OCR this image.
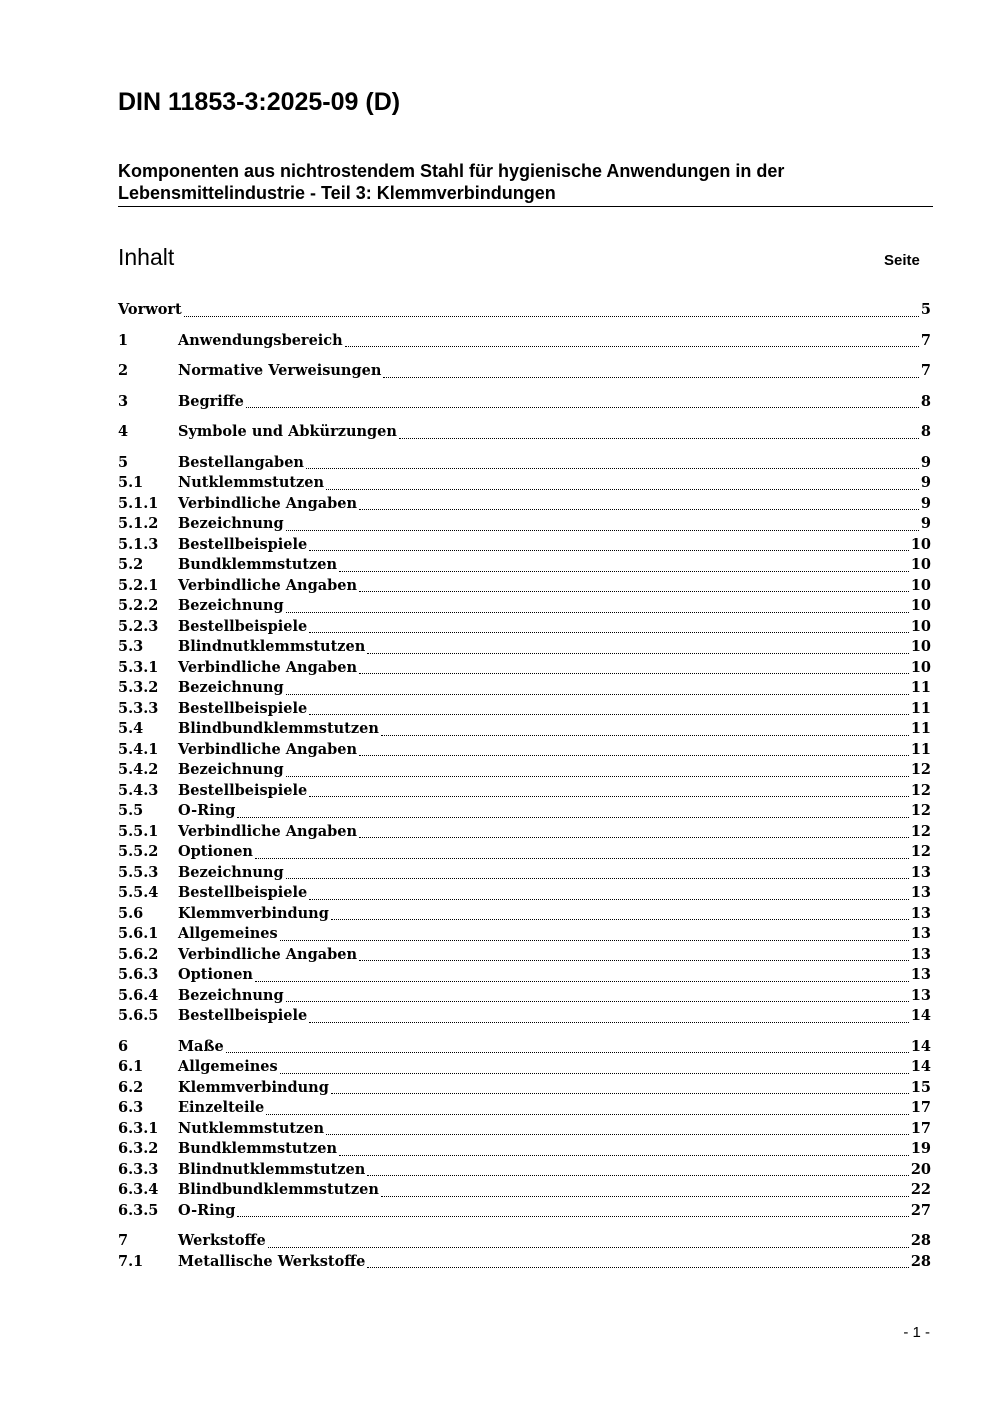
DIN 11853-3:2025-09 (D)
Komponenten aus nichtrostendem Stahl für hygienische Anwendungen in der
Lebensmittelindustrie - Teil 3: Klemmverbindungen
Inhalt	Seite
Vorwort	5
1	Anwendungsbereich	7
2	Normative Verweisungen	7
3	Begriffe	8
4	Symbole und Abkürzungen	8
5	Bestellangaben	9
5.1	Nutklemmstutzen	9
5.1.1	Verbindliche Angaben	9
5.1.2	Bezeichnung	9
5.1.3	Bestellbeispiele	10
5.2	Bundklemmstutzen	10
5.2.1	Verbindliche Angaben	10
5.2.2	Bezeichnung	10
5.2.3	Bestellbeispiele	10
5.3	Blindnutklemmstutzen	10
5.3.1	Verbindliche Angaben	10
5.3.2	Bezeichnung	11
5.3.3	Bestellbeispiele	11
5.4	Blindbundklemmstutzen	11
5.4.1	Verbindliche Angaben	11
5.4.2	Bezeichnung	12
5.4.3	Bestellbeispiele	12
5.5	O-Ring	12
5.5.1	Verbindliche Angaben	12
5.5.2	Optionen	12
5.5.3	Bezeichnung	13
5.5.4	Bestellbeispiele	13
5.6	Klemmverbindung	13
5.6.1	Allgemeines	13
5.6.2	Verbindliche Angaben	13
5.6.3	Optionen	13
5.6.4	Bezeichnung	13
5.6.5	Bestellbeispiele	14
6	Maße	14
6.1	Allgemeines	14
6.2	Klemmverbindung	15
6.3	Einzelteile	17
6.3.1	Nutklemmstutzen	17
6.3.2	Bundklemmstutzen	19
6.3.3	Blindnutklemmstutzen	20
6.3.4	Blindbundklemmstutzen	22
6.3.5	O-Ring	27
7	Werkstoffe	28
7.1	Metallische Werkstoffe	28
- 1 -
